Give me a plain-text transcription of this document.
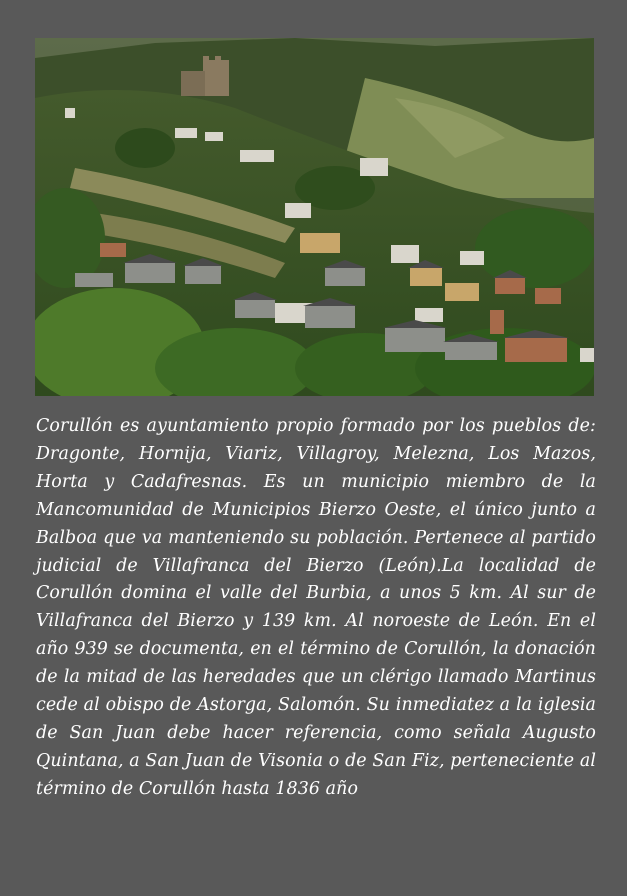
Corullón es ayuntamiento propio formado por los pueblos de: Dragonte, Hornija, Viariz, Villagroy, Melezna, Los Mazos, Horta y Cadafresnas. Es un municipio miembro de la Mancomunidad de Municipios Bierzo Oeste, el único junto a Balboa que va manteniendo su población. Pertenece al partido judicial de Villafranca del Bierzo (León).La localidad de Corullón domina el valle del Burbia, a unos 5 km. Al sur de Villafranca del Bierzo y 139 km. Al noroeste de León. En el año 939 se documenta, en el término de Corullón, la donación de la mitad de las heredades que un clérigo llamado Martinus cede al obispo de Astorga, Salomón. Su inmediatez a la iglesia de San Juan debe hacer referencia, como señala Augusto Quintana, a San Juan de Visonia o de San Fiz, perteneciente al término de Corullón hasta 1836 año
